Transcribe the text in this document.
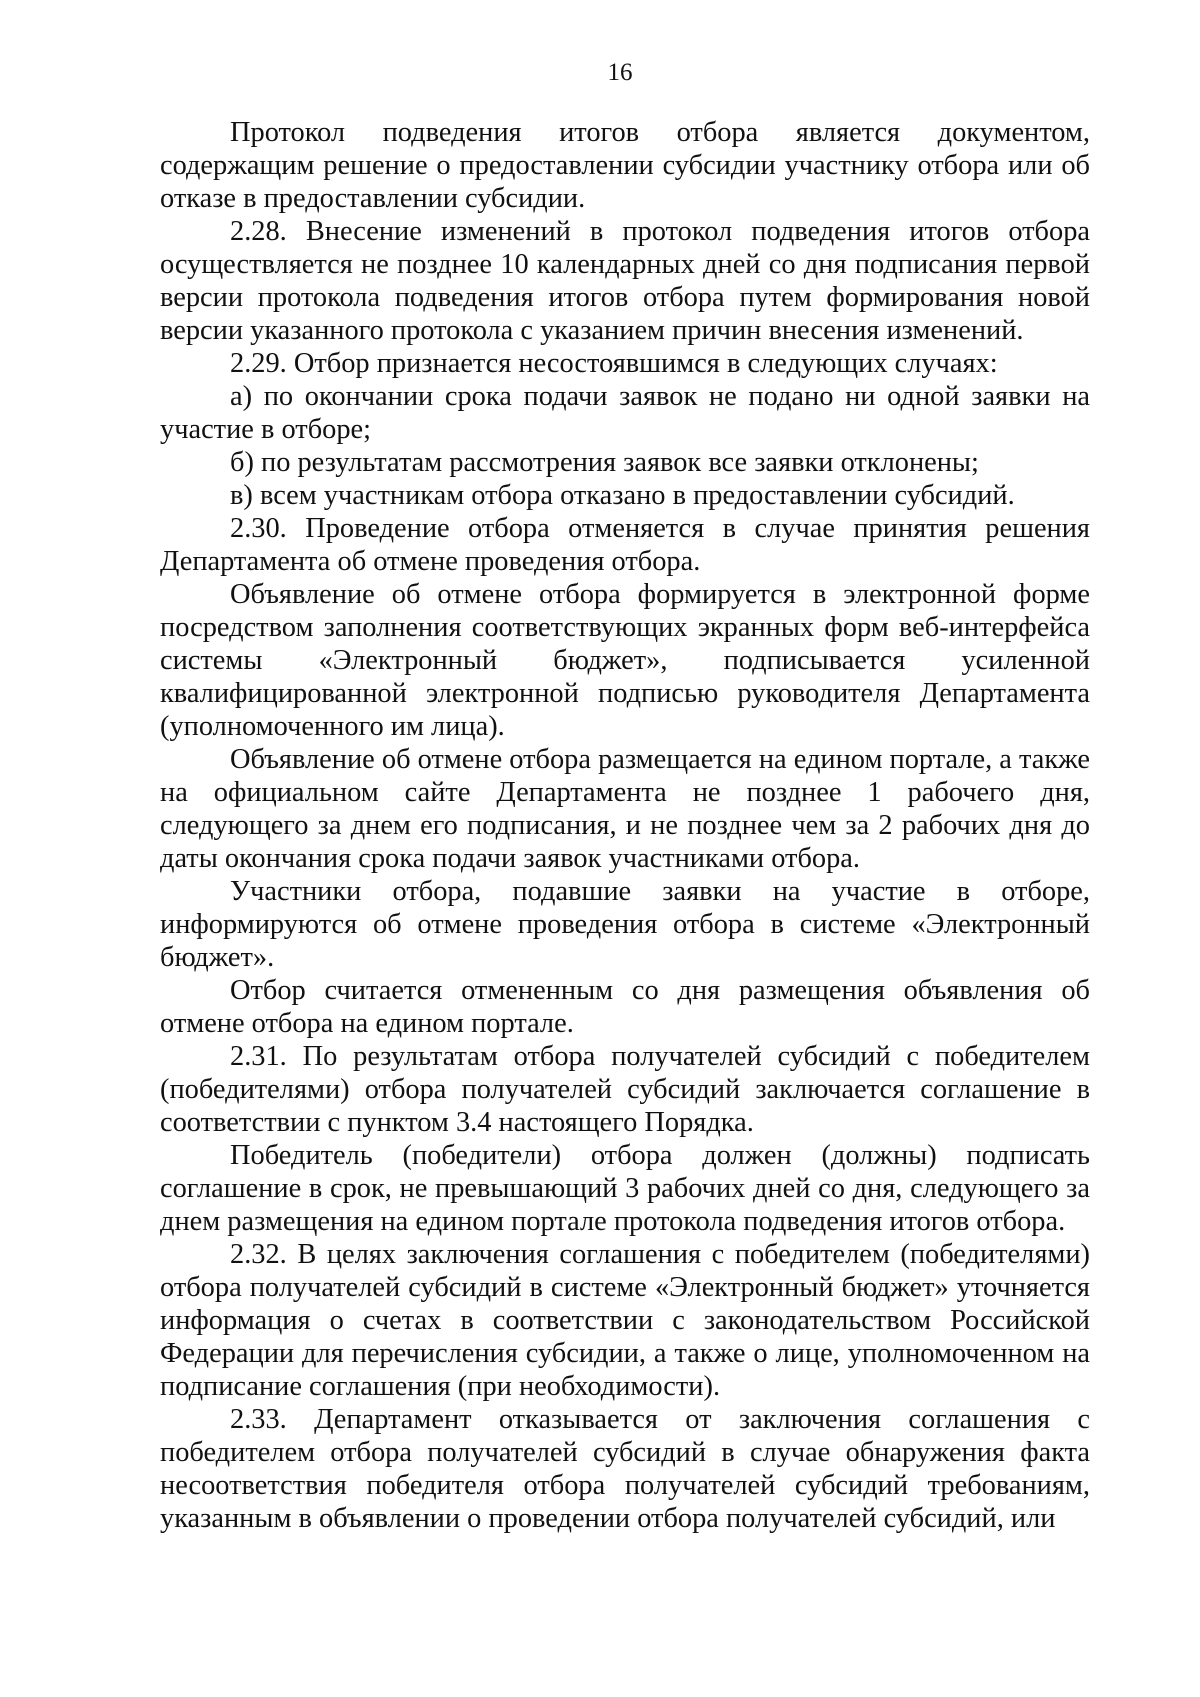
16

Протокол подведения итогов отбора является документом, содержащим решение о предоставлении субсидии участнику отбора или об отказе в предоставлении субсидии.

2.28. Внесение изменений в протокол подведения итогов отбора осуществляется не позднее 10 календарных дней со дня подписания первой версии протокола подведения итогов отбора путем формирования новой версии указанного протокола с указанием причин внесения изменений.

2.29. Отбор признается несостоявшимся в следующих случаях:

а) по окончании срока подачи заявок не подано ни одной заявки на участие в отборе;

б) по результатам рассмотрения заявок все заявки отклонены;

в) всем участникам отбора отказано в предоставлении субсидий.

2.30. Проведение отбора отменяется в случае принятия решения Департамента об отмене проведения отбора.

Объявление об отмене отбора формируется в электронной форме посредством заполнения соответствующих экранных форм веб-интерфейса системы «Электронный бюджет», подписывается усиленной квалифицированной электронной подписью руководителя Департамента (уполномоченного им лица).

Объявление об отмене отбора размещается на едином портале, а также на официальном сайте Департамента не позднее 1 рабочего дня, следующего за днем его подписания, и не позднее чем за 2 рабочих дня до даты окончания срока подачи заявок участниками отбора.

Участники отбора, подавшие заявки на участие в отборе, информируются об отмене проведения отбора в системе «Электронный бюджет».

Отбор считается отмененным со дня размещения объявления об отмене отбора на едином портале.

2.31. По результатам отбора получателей субсидий с победителем (победителями) отбора получателей субсидий заключается соглашение в соответствии с пунктом 3.4 настоящего Порядка.

Победитель (победители) отбора должен (должны) подписать соглашение в срок, не превышающий 3 рабочих дней со дня, следующего за днем размещения на едином портале протокола подведения итогов отбора.

2.32. В целях заключения соглашения с победителем (победителями) отбора получателей субсидий в системе «Электронный бюджет» уточняется информация о счетах в соответствии с законодательством Российской Федерации для перечисления субсидии, а также о лице, уполномоченном на подписание соглашения (при необходимости).

2.33. Департамент отказывается от заключения соглашения с победителем отбора получателей субсидий в случае обнаружения факта несоответствия победителя отбора получателей субсидий требованиям, указанным в объявлении о проведении отбора получателей субсидий, или
